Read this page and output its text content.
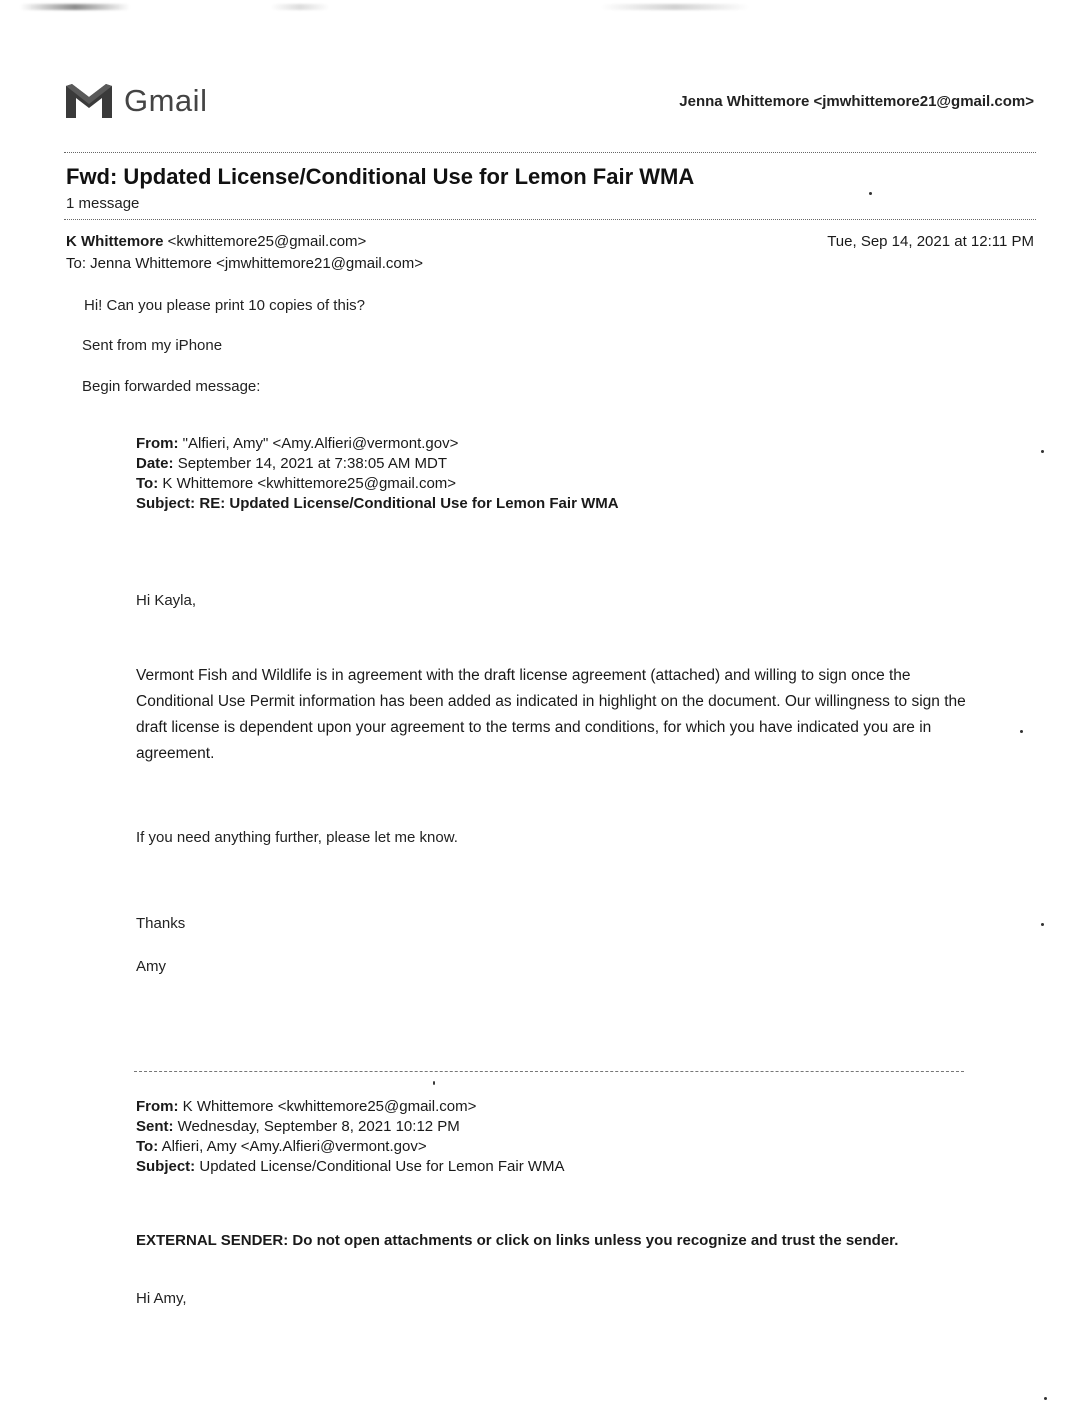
Gmail	Jenna Whittemore <jmwhittemore21@gmail.com>
Fwd: Updated License/Conditional Use for Lemon Fair WMA
1 message
K Whittemore <kwhittemore25@gmail.com>	Tue, Sep 14, 2021 at 12:11 PM
To: Jenna Whittemore <jmwhittemore21@gmail.com>
Hi! Can you please print 10 copies of this?
Sent from my iPhone
Begin forwarded message:
From: "Alfieri, Amy" <Amy.Alfieri@vermont.gov>
Date: September 14, 2021 at 7:38:05 AM MDT
To: K Whittemore <kwhittemore25@gmail.com>
Subject: RE: Updated License/Conditional Use for Lemon Fair WMA
Hi Kayla,
Vermont Fish and Wildlife is in agreement with the draft license agreement (attached) and willing to sign once the Conditional Use Permit information has been added as indicated in highlight on the document. Our willingness to sign the draft license is dependent upon your agreement to the terms and conditions, for which you have indicated you are in agreement.
If you need anything further, please let me know.
Thanks
Amy
From: K Whittemore <kwhittemore25@gmail.com>
Sent: Wednesday, September 8, 2021 10:12 PM
To: Alfieri, Amy <Amy.Alfieri@vermont.gov>
Subject: Updated License/Conditional Use for Lemon Fair WMA
EXTERNAL SENDER: Do not open attachments or click on links unless you recognize and trust the sender.
Hi Amy,
